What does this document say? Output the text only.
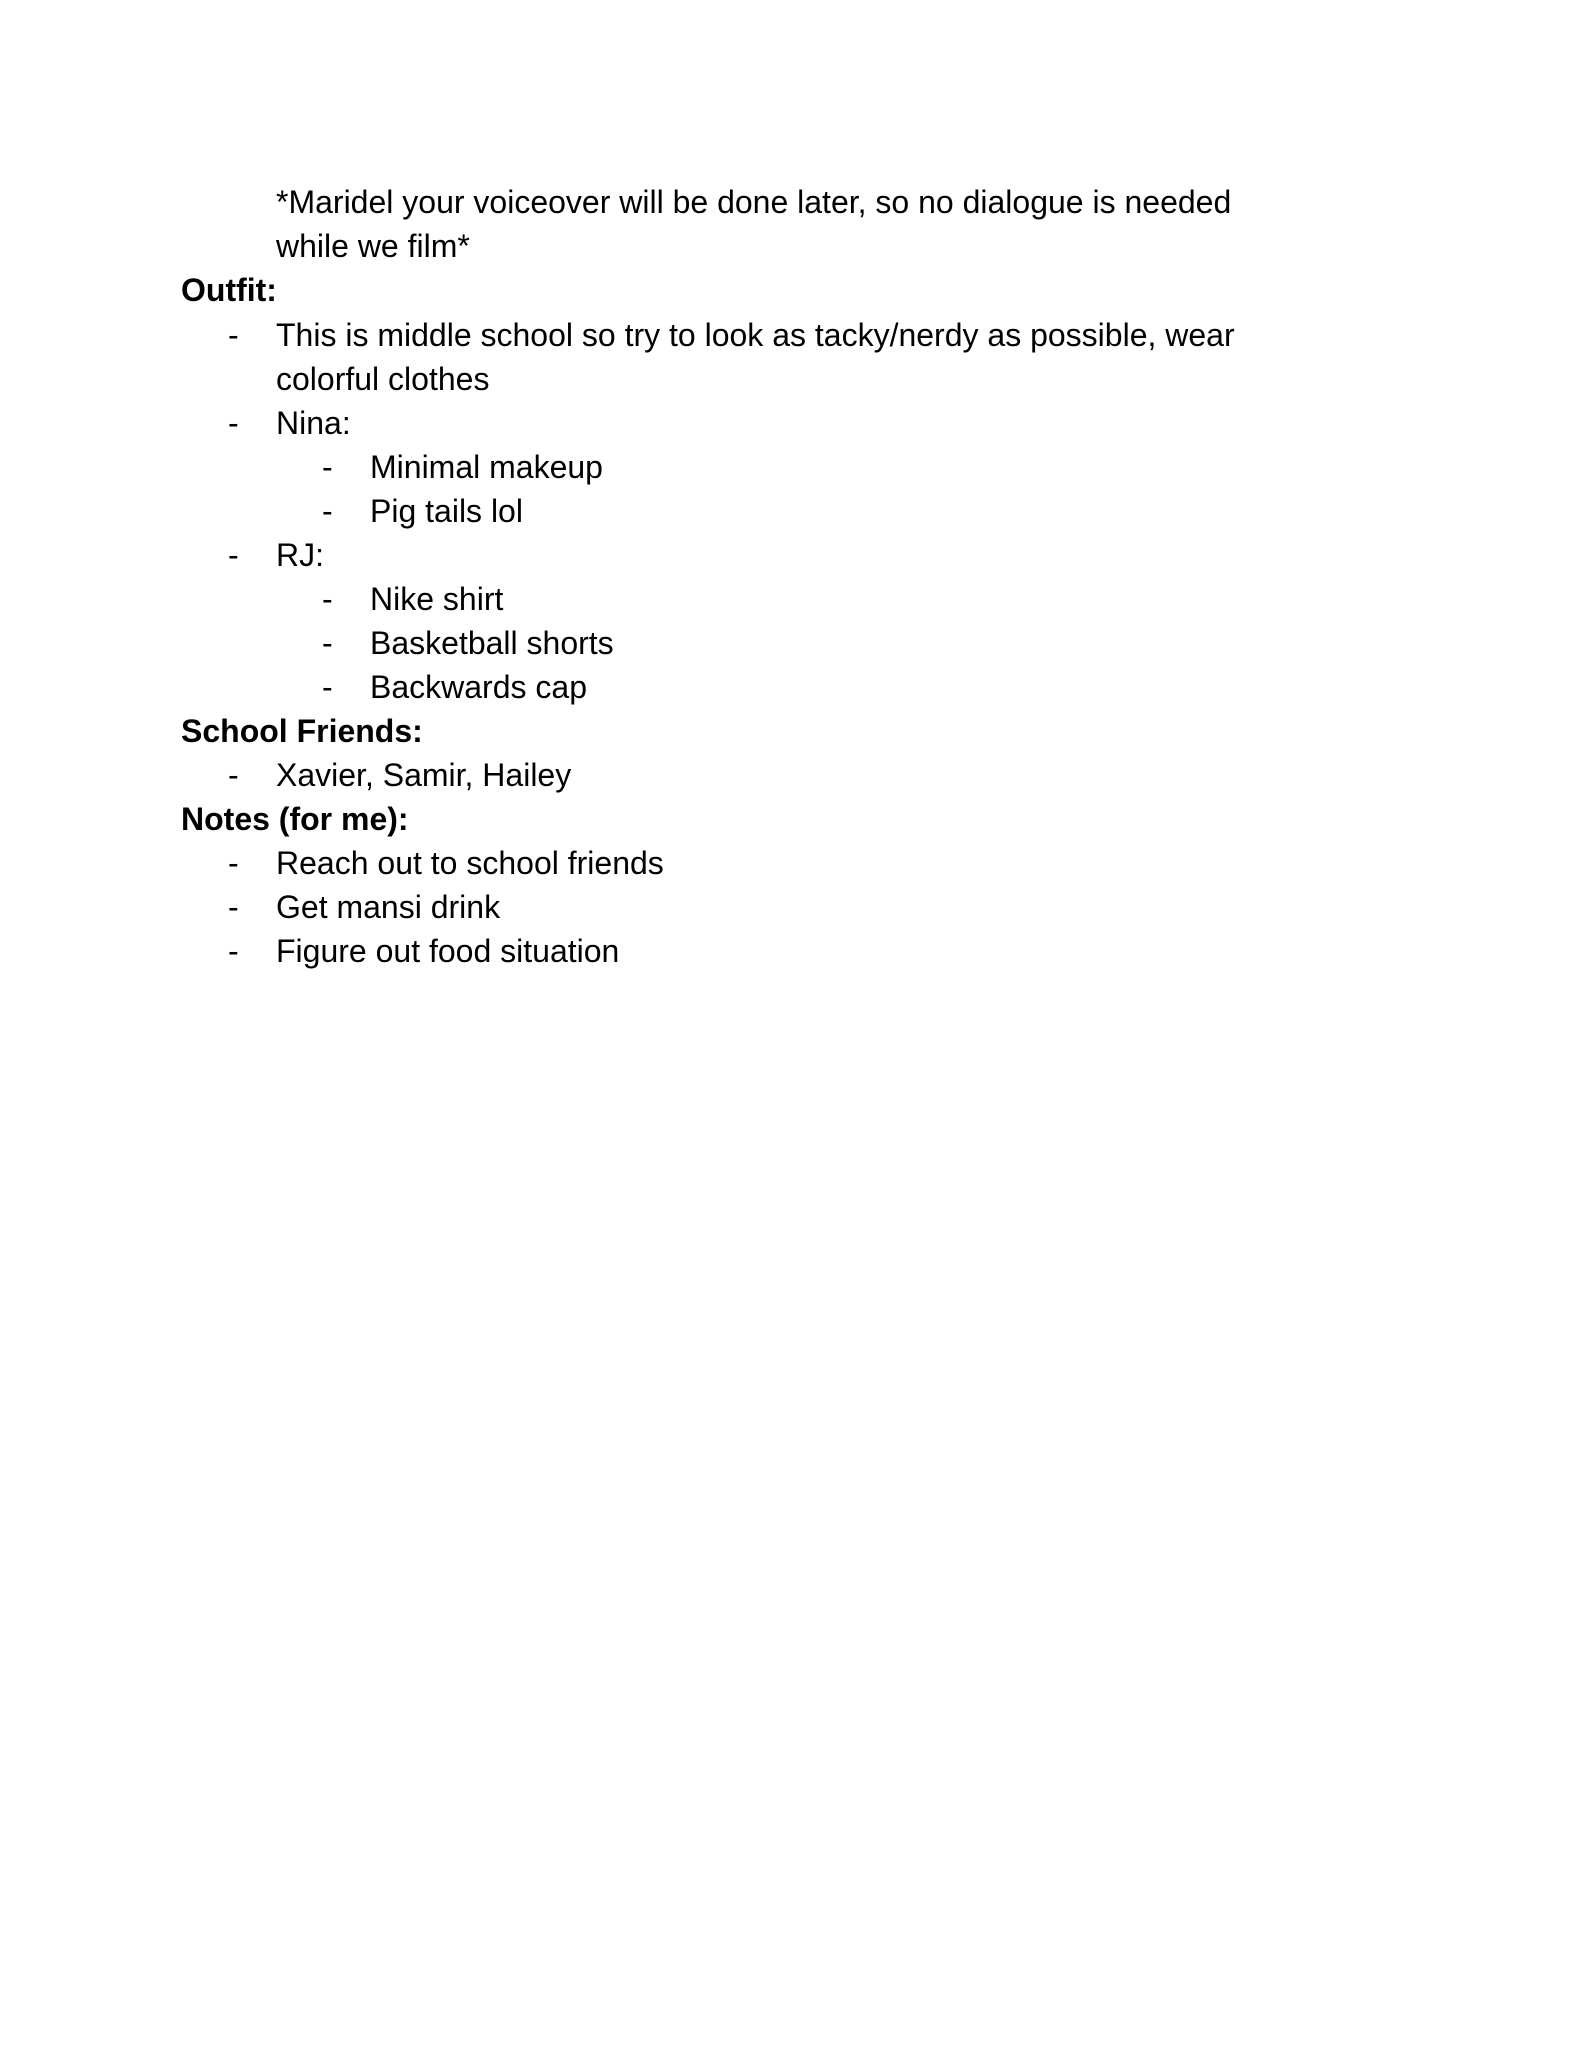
*Maridel your voiceover will be done later, so no dialogue is needed
while we film*
Outfit:
- This is middle school so try to look as tacky/nerdy as possible, wear
colorful clothes
- Nina:
- Minimal makeup
- Pig tails lol
- RJ:
- Nike shirt
- Basketball shorts
- Backwards cap
School Friends:
- Xavier, Samir, Hailey
Notes (for me):
- Reach out to school friends
- Get mansi drink
- Figure out food situation
